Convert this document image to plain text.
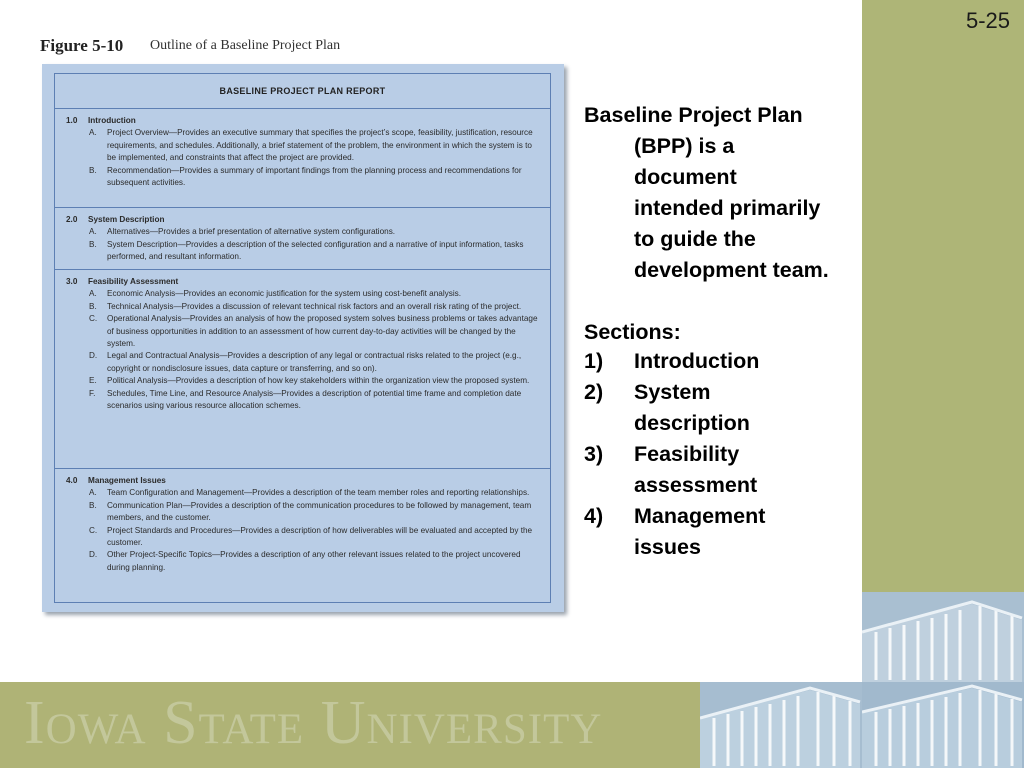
5-25
Iowa State University
Figure 5-10 Outline of a Baseline Project Plan
BASELINE PROJECT PLAN REPORT
1.0 Introduction
A. Project Overview—Provides an executive summary that specifies the project’s scope, feasibility, justification, resource requirements, and schedules. Additionally, a brief statement of the problem, the environment in which the system is to be implemented, and constraints that affect the project are provided.
B. Recommendation—Provides a summary of important findings from the planning process and recommendations for subsequent activities.
2.0 System Description
A. Alternatives—Provides a brief presentation of alternative system configurations.
B. System Description—Provides a description of the selected configuration and a narrative of input information, tasks performed, and resultant information.
3.0 Feasibility Assessment
A. Economic Analysis—Provides an economic justification for the system using cost-benefit analysis.
B. Technical Analysis—Provides a discussion of relevant technical risk factors and an overall risk rating of the project.
C. Operational Analysis—Provides an analysis of how the proposed system solves business problems or takes advantage of business opportunities in addition to an assessment of how current day-to-day activities will be changed by the system.
D. Legal and Contractual Analysis—Provides a description of any legal or contractual risks related to the project (e.g., copyright or nondisclosure issues, data capture or transferring, and so on).
E. Political Analysis—Provides a description of how key stakeholders within the organization view the proposed system.
F. Schedules, Time Line, and Resource Analysis—Provides a description of potential time frame and completion date scenarios using various resource allocation schemes.
4.0 Management Issues
A. Team Configuration and Management—Provides a description of the team member roles and reporting relationships.
B. Communication Plan—Provides a description of the communication procedures to be followed by management, team members, and the customer.
C. Project Standards and Procedures—Provides a description of how deliverables will be evaluated and accepted by the customer.
D. Other Project-Specific Topics—Provides a description of any other relevant issues related to the project uncovered during planning.
Baseline Project Plan
(BPP) is a
document
intended primarily
to guide the
development team.
Sections:
1) Introduction
2) System
description
3) Feasibility
assessment
4) Management
issues
